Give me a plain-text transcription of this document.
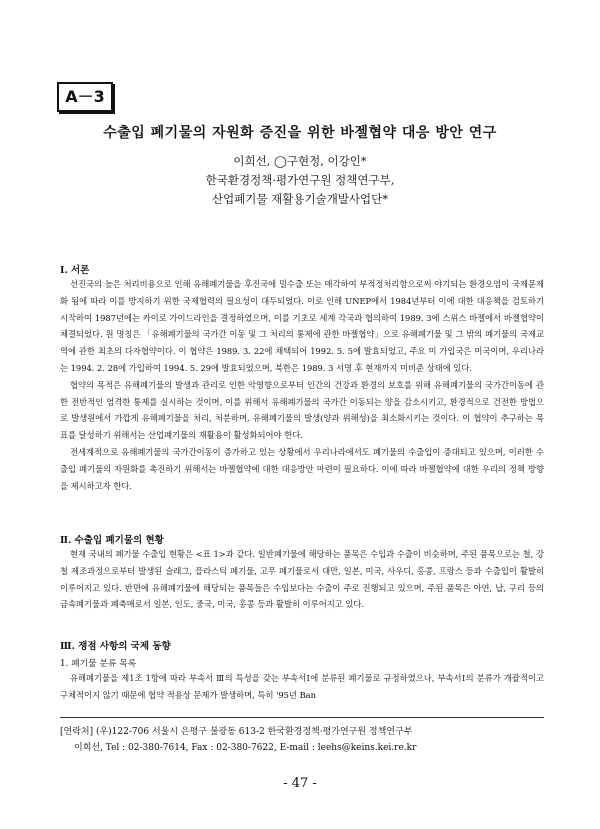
A－3
수출입 폐기물의 자원화 증진을 위한 바젤협약 대응 방안 연구
이희선, ◯구현정, 이강인*
한국환경정책·평가연구원 정책연구부,
산업폐기물 재활용기술개발사업단*
Ⅰ. 서론

선진국의 높은 처리비용으로 인해 유해폐기물을 후진국에 밀수출 또는 매각하여 부적정처리함으로써 야기되는 환경오염이 국제문제화 됨에 따라 이를 방지하기 위한 국제협력의 필요성이 대두되었다. 이로 인해 UNEP에서 1984년부터 이에 대한 대응책을 검토하기 시작하여 1987년에는 카이로 가이드라인을 결정하였으며, 이를 기초로 세계 각국과 협의하여 1989. 3에 스위스 바젤에서 바젤협약이 체결되었다. 원 명칭은 「유해폐기물의 국가간 이동 및 그 처리의 통제에 관한 바젤협약」으로 유해폐기물 및 그 밖의 폐기물의 국제교역에 관한 최초의 다자협약이다. 이 협약은 1989. 3. 22에 채택되어 1992. 5. 5에 발효되었고, 주요 미 가입국은 미국이며, 우리나라는 1994. 2. 28에 가입하여 1994. 5. 29에 발효되었으며, 북한은 1989. 3 서명 후 현재까지 미비준 상태에 있다.

협약의 목적은 유해폐기물의 발생과 관리로 인한 악영향으로부터 인간의 건강과 환경의 보호를 위해 유해폐기물의 국가간이동에 관한 전반적인 엄격한 통제를 실시하는 것이며, 이를 위해서 유해폐기물의 국가간 이동되는 양을 감소시키고, 환경적으로 건전한 방법으로 발생원에서 가깝게 유해폐기물을 처리, 처분하며, 유해폐기물의 발생(양과 위해성)을 최소화시키는 것이다. 이 협약이 추구하는 목표를 달성하기 위해서는 산업폐기물의 재활용이 활성화되어야 한다.

전세계적으로 유해폐기물의 국가간이동이 증가하고 있는 상황에서 우리나라에서도 폐기물의 수출입이 증대되고 있으며, 이러한 수출입 폐기물의 자원화를 촉진하기 위해서는 바젤협약에 대한 대응방안 마련이 필요하다. 이에 따라 바젤협약에 대한 우리의 정책 방향을 제시하고자 한다.

Ⅱ. 수출입 폐기물의 현황

현재 국내의 폐기물 수출입 현황은 <표 1>과 같다. 일반폐기물에 해당하는 품목은 수입과 수출이 비슷하며, 주된 품목으로는 철, 강철 제조과정으로부터 발생된 슬래그, 플라스틱 폐기물, 고무 폐기물로서 대만, 일본, 미국, 사우디, 홍콩, 프랑스 등과 수출입이 활발히 이루어지고 있다. 반면에 유해폐기물에 해당되는 품목들은 수입보다는 수출이 주로 진행되고 있으며, 주된 품목은 아연, 납, 구리 등의 금속폐기물과 폐축매로서 일본, 인도, 중국, 미국, 홍콩 등과 활발히 이루어지고 있다.

Ⅲ. 쟁점 사항의 국제 동향
1. 폐기물 분류 목록

유해폐기물을 제1조 1항에 따라 부속서 Ⅲ의 특성을 갖는 부속서Ⅰ에 분류된 폐기물로 규정하였으나, 부속서Ⅰ의 분류가 개괄적이고 구체적이지 않기 때문에 협약 적용상 문제가 발생하며, 특히 '95년 Ban

[연락처] (우)122-706 서울시 은평구 불광동 613-2 한국환경정책·평가연구원 정책연구부
이희선, Tel : 02-380-7614, Fax : 02-380-7622, E-mail : leehs@keins.kei.re.kr
- 47 -
